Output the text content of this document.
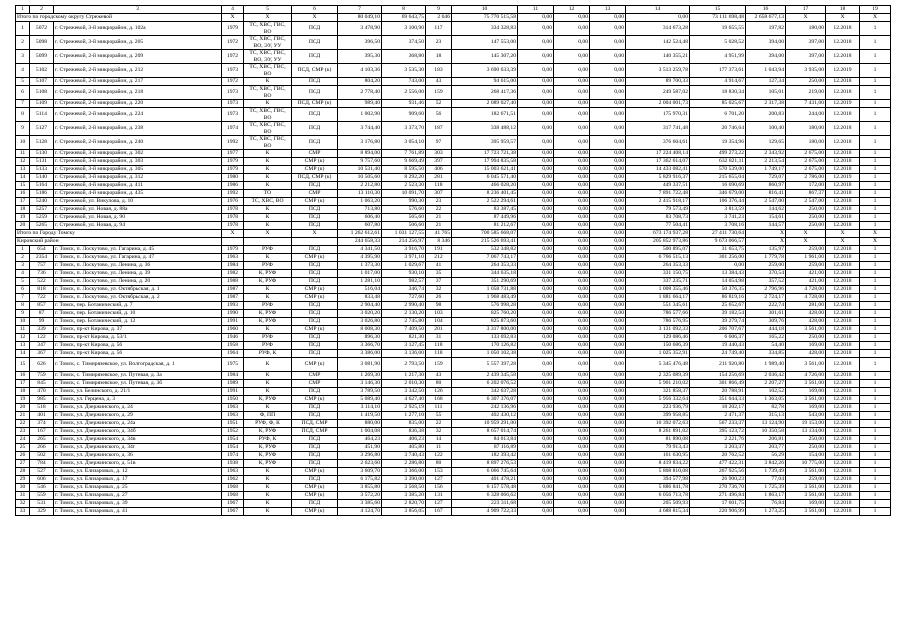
1	2	3	4	5	6	7	8	9	10	11	12	13	14	15	16	17	18	19	
Итого по городскому округу Стрежевой			X	X	X	80 049,10	69 643,75	2 646	75 770 515,58	0,00	0,00	0,00	0,00	73 111 698,48	2 658 677,13	X	X	X	
1	5072	г. Стрежевой, 3-й микрорайон, д. 102а	1979	ТС, ХВС, ГВС, ВО	ПСД	3 478,90	3 100,90	117	334 328,83	0,00	0,00	0,00	314 673,28	19 655,55	197,82	180,00	12.2018	1	
2	5098	г. Стрежевой, 3-й микрорайон, д. 205	1972	ТС, ХВС, ГВС, ВО, ЭУ, УУ	ПСД	396,50	374,50	23	147 553,00	0,00	0,00	0,00	142 524,48	5 028,52	394,00	397,00	12.2018	1	
3	5099	г. Стрежевой, 2-й микрорайон, д. 209	1972	ТС, ХВС, ГВС, ВО, ЭУ, УУ	ПСД	395,30	368,80	18	145 307,20	0,00	0,00	0,00	140 355,21	4 951,99	394,00	397,00	12.2018	1	
4	5102	г. Стрежевой, 2-й микрорайон, д. 212	1973	ТС, ХВС, ГВС, ВО	ПСД, СМР (к)	4 103,36	3 535,30	183	3 690 633,39	0,00	0,00	0,00	3 513 259,78	177 373,61	1 043,94	3 935,00	12.2019	1	
5	5107	г. Стрежевой, 2-й микрорайон, д. 217	1972	К	ПСД	804,20	743,00	43	94 615,00	0,00	0,00	0,00	89 700,33	4 914,67	127,34	250,00	12.2018	1	
6	5108	г. Стрежевой, 2-й микрорайон, д. 218	1973	ТС, ХВС, ГВС, ВО	ПСД	2 778,40	2 556,00	159	268 417,36	0,00	0,00	0,00	249 587,02	18 830,34	105,01	219,00	12.2018	1	
7	5109	г. Стрежевой, 2-й микрорайон, д. 220	1973	К	ПСД, СМР (к)	989,40	931,46	52	2 089 027,40	0,00	0,00	0,00	2 004 001,73	85 025,67	2 317,38	7 431,00	12.2019	1	
8	5114	г. Стрежевой, 2-й микрорайон, д. 224	1973	ТС, ХВС, ГВС, ВО	ПСД	1 002,90	909,60	56	182 671,51	0,00	0,00	0,00	175 970,31	6 701,20	200,83	244,00	12.2018	1	
9	5127	г. Стрежевой, 2-й микрорайон, д. 238	1974	ТС, ХВС, ГВС, ВО	ПСД	3 744,40	3 373,70	187	338 488,12	0,00	0,00	0,00	317 741,48	20 746,64	100,40	180,00	12.2018	1	
10	5128	г. Стрежевой, 2-й микрорайон, д. 240	1992	ТС, ХВС, ГВС, ВО	ПСД	3 176,80	3 054,10	97	395 959,57	0,00	0,00	0,00	376 604,61	19 354,96	129,65	180,00	12.2018	1	
11	5130	г. Стрежевой, 3-й микрорайон, д. 302	1977	К	СМР	8 894,00	7 761,89	303	17 723 721,38	0,00	0,00	0,00	17 224 408,14	499 273,22	2 343,92	2 675,00	12.2018	1	
12	5131	г. Стрежевой, 3-й микрорайон, д. 303	1979	К	СМР (к)	9 757,60	9 669,49	397	17 994 835,58	0,00	0,00	0,00	17 362 614,07	632 821,11	2 213,54	2 675,00	12.2018	1	
13	5133	г. Стрежевой, 3-й микрорайон, д. 305	1979	К	СМР (к)	10 531,40	8 595,50	406	15 003 621,41	0,00	0,00	0,00	14 433 082,41	570 539,00	1 749,17	2 675,00	12.2018	1	
14	5140	г. Стрежевой, 3-й микрорайон, д. 312	1980	К	ПСД, СМР (к)	10 505,60	8 292,20	281	6 045 571,40	0,00	0,00	0,00	5 829 916,37	215 655,04	729,07	2 786,00	12.2019	1	
15	5164	г. Стрежевой, 4-й микрорайон, д. 411	1986	К	ПСД	2 212,80	2 523,30	118	466 028,20	0,00	0,00	0,00	449 337,51	16 690,69	860,97	172,00	12.2018	1	
16	5186	г. Стрежевой, 4-й микрорайон, д. 435	1992	ТО	СМР	13 110,30	10 091,70	307	8 236 401,45	0,00	0,00	0,00	7 891 722,48	346 679,00	816,41	867,37	12.2018	1	
17	5240	г. Стрежевой, ул. Викулова, д. 10	1976	ТС, ХВС, ВО	СМР (к)	1 063,20	990,30	23	2 522 294,61	0,00	0,00	0,00	2 415 918,17	106 376,44	2 547,00	2 547,00	12.2018	1	
18	5257	г. Стрежевой, ул. Новая, д. 88а	1978	К	ПСД	713,80	576,60	22	83 387,45	0,00	0,00	0,00	79 573,49	3 813,59	144,62	250,00	12.2018	1	
19	5259	г. Стрежевой, ул. Новая, д. 90	1978	К	ПСД	606,40	565,60	21	87 449,96	0,00	0,00	0,00	83 708,73	3 741,23	154,61	250,00	12.2018	1	
20	5265	г. Стрежевой, ул. Новая, д. 94	1978	К	ПСД	607,80	506,60	21	81 212,67	0,00	0,00	0,00	77 504,41	3 708,16	144,57	250,00	12.2018	1	
Итого по Городу Томску			X	X	X	1 262 612,61	1 031 127,55	41 765	700 585 668,07	0,00	0,00	0,00	673 174 937,28	27 411 730,64	X	X	X	X	
Кировский район						244 658,33	214 256,97	8 346	215 526 693,41	0,00	0,00	0,00	205 852 973,86	9 673 066,57	X	X	X	X	
1	654	г. Томск, п. Лоскутово, ул. Гагарина, д. 45	1979	РУФ	ПСД	4 341,50	3 916,70	191	532 348,82	0,00	0,00	0,00	500 895,07	31 653,75	135,97	259,00	12.2018	1	
2	2354	г. Томск, п. Лоскутово, ул. Гагарина, д. 47	1963	К	СМР (к)	4 395,90	3 971,10	212	7 067 743,17	0,00	0,00	0,00	6 766 515,13	301 256,00	1 779,78	1 961,00	12.2018	1	
3	757	г. Томск, п. Лоскутово, ул. Ленина, д. 36	1984	РУФ	ПСД	1 373,30	1 029,67	41	264 353,33	0,00	0,00	0,00	264 353,33	0,00	259,00	259,00	12.2018	1	
4	736	г. Томск, п. Лоскутово, ул. Ленина, д. 39	1982	К, РУФ	ПСД	1 017,00	930,10	35	344 635,18	0,00	0,00	0,00	331 150,75	13 384,43	370,54	421,00	12.2018	1	
5	522	г. Томск, п. Лоскутово, ул. Ленина, д. 20	1988	К, РУФ	ПСД	1 281,10	982,57	37	351 290,69	0,00	0,00	0,00	337 235,71	14 054,98	357,52	421,00	12.2018	1	
6	818	г. Томск, п. Лоскутово, ул. Октябрьская, д. 1	1987	К	СМР (к)	516,04	346,74	32	1 058 731,88	0,00	0,00	0,00	1 008 355,46	50 376,35	2 796,96	4 728,00	12.2018	1	
7	722	г. Томск, п. Лоскутово, ул. Октябрьская, д. 2	1987	К	СМР (к)	833,48	727,60	26	1 968 483,49	0,00	0,00	0,00	1 881 664,17	86 819,16	2 724,17	4 728,00	12.2018	1	
8	857	г. Томск, пер. Ботанический, д. 7	1993	РУФ	ПСД	2 904,40	2 990,40	98	576 998,28	0,00	0,00	0,00	551 345,61	25 652,67	222,74	281,00	12.2018	1	
9	87	г. Томск, пер. Ботанический, д. 10	1990	К, РУФ	ПСД	3 020,20	2 130,20	103	825 760,20	0,00	0,00	0,00	786 577,66	39 182,54	301,61	428,00	12.2018	1	
10	99	г. Томск, пер. Ботанический, д. 12	1991	К, РУФ	ПСД	3 026,80	2 745,80	104	825 873,60	0,00	0,00	0,00	786 576,95	39 279,74	309,76	428,00	12.2018	1	
11	339	г. Томск, пр-кт Кирова, д. 37	1960	К	СМР (к)	8 008,30	7 409,50	201	3 317 800,00	0,00	0,00	0,00	3 131 092,33	206 707,67	444,18	3 561,00	12.2018	1	
12	122	г. Томск, пр-кт Кирова, д. 53/1	1946	РУФ	ПСД	896,30	821,30	31	133 692,83	0,00	0,00	0,00	129 086,46	6 606,37	165,22	250,00	12.2018	1	
13	347	г. Томск, пр-кт Кирова, д. 56	1958	РУФ	ПСД	3 366,70	3 127,45	118	170 126,82	0,00	0,00	0,00	150 686,39	19 440,43	54,40	169,00	12.2018	1	
14	367	г. Томск, пр-кт Кирова, д. 56	1964	РУФ, К	ПСД	3 386,00	3 136,00	118	1 050 102,38	0,00	0,00	0,00	1 025 352,91	24 749,40	334,85	428,00	12.2018	1	
15	626	г. Томск, с. Тимирязевское, ул. Волгоградская, д. 1	1975	К	СМР (к)	3 081,90	2 793,50	159	5 557 397,28	0,00	0,00	0,00	5 345 476,48	211 920,80	1 989,40	3 561,00	12.2018	1	
16	759	г. Томск, с. Тимирязевское, ул. Путевая, д. 3а	1984	К	СМР	1 269,30	1 217,30	43	2 439 345,58	0,00	0,00	0,00	2 325 089,39	154 256,69	2 036,42	4 726,00	12.2018	1	
17	845	г. Томск, с. Тимирязевское, ул. Путевая, д. 3б	1989	К	СМР	3 146,30	2 010,30	80	6 202 076,52	0,00	0,00	0,00	5 901 210,02	301 866,49	2 207,27	3 561,00	12.2018	1	
18	470	г. Томск, ул. Белинского, д. 21/1	1991	К	ПСД	3 789,50	3 342,50	126	342 637,28	0,00	0,00	0,00	321 858,37	20 788,91	102,52	169,00	12.2018	1	
19	985	г. Томск, ул. Герцена, д. 3	1950	К, РУФ	СМР (к)	5 089,40	4 627,40	168	6 307 376,07	0,00	0,00	0,00	5 956 332,64	351 044,33	1 363,05	3 561,00	12.2018	1	
20	518	г. Томск, ул. Дзержинского, д. 24	1963	К	ПСД	3 114,10	2 925,19	111	242 136,96	0,00	0,00	0,00	223 936,79	18 202,17	82,78	169,00	12.2018	1	
21	401	г. Томск, ул. Дзержинского, д. 29	1963	Ф, ПП	ПСД	1 419,50	1 277,10	55	402 430,12	0,00	0,00	0,00	399 958,85	2 471,37	315,13	543,00	12.2018	1	
22	374	г. Томск, ул. Дзержинского, д. 24а	1951	РУФ, Ф, К	ПСД, СМР	880,00	835,00	22	10 959 291,00	0,00	0,00	0,00	10 392 072,63	567 233,37	13 124,90	19 153,00	12.2018	1	
23	167	г. Томск, ул. Дзержинского, д. 34б	1952	К, РУФ	ПСД, СМР	1 004,08	836,38	32	8 657 014,74	0,00	0,00	0,00	8 261 891,02	395 123,72	10 350,58	13 134,00	12.2018	1	
24	265	г. Томск, ул. Дзержинского, д. 34в	1954	РУФ, К	ПСД	464,23	406,23	14	84 013,84	0,00	0,00	0,00	81 890,08	2 221,76	206,81	250,00	12.2018	1	
25	266	г. Томск, ул. Дзержинского, д. 34г	1954	К, РУФ	ПСД	451,90	405,80	11	87 116,89	0,00	0,00	0,00	79 913,43	3 203,37	203,77	250,00	12.2018	1	
26	502	г. Томск, ул. Дзержинского, д. 36	1974	К, РУФ	ПСД	3 296,80	3 740,43	122	182 393,42	0,00	0,00	0,00	161 630,95	20 762,52	56,29	154,00	12.2018	1	
27	784	г. Томск, ул. Дзержинского, д. 51в	1938	К, РУФ	ПСД	2 623,60	2 286,80	80	8 897 276,53	0,00	0,00	0,00	8 419 834,22	477 422,31	3 842,26	10 775,00	12.2018	1	
28	527	г. Томск, ул. Елизаровых, д. 12	1963	К	СМР (к)	3 609,70	3 366,00	153	6 066 745,64	0,00	0,00	0,00	5 808 810,08	267 925,56	1 739,49	3 561,00	12.2018	1	
29	606	г. Томск, ул. Елизаровых, д. 17	1962	К	ПСД	6 175,82	3 390,00	127	401 478,21	0,00	0,00	0,00	394 577,98	26 900,23	77,04	259,00	12.2018	1	
30	546	г. Томск, ул. Елизаровых, д. 25	1968	К	СМР (к)	3 855,80	3 568,50	156	6 157 578,48	0,00	0,00	0,00	5 886 841,78	270 736,70	1 725,39	3 561,00	12.2018	1	
31	559	г. Томск, ул. Елизаровых, д. 27	1968	К	СМР (к)	3 572,20	3 385,20	131	6 328 066,62	0,00	0,00	0,00	6 056 713,78	271 496,84	1 863,17	3 561,00	12.2018	1	
32	531	г. Томск, ул. Елизаровых, д. 39	1967	К	ПСД	3 385,60	2 820,70	127	223 311,68	0,00	0,00	0,00	205 509,93	17 601,75	76,84	169,00	12.2018	1	
33	329	г. Томск, ул. Елизаровых, д. 41	1967	К	СМР (к)	4 124,70	3 856,05	167	4 909 722,33	0,00	0,00	0,00	4 688 815,34	220 906,99	1 273,25	3 561,00	12.2018	1	
